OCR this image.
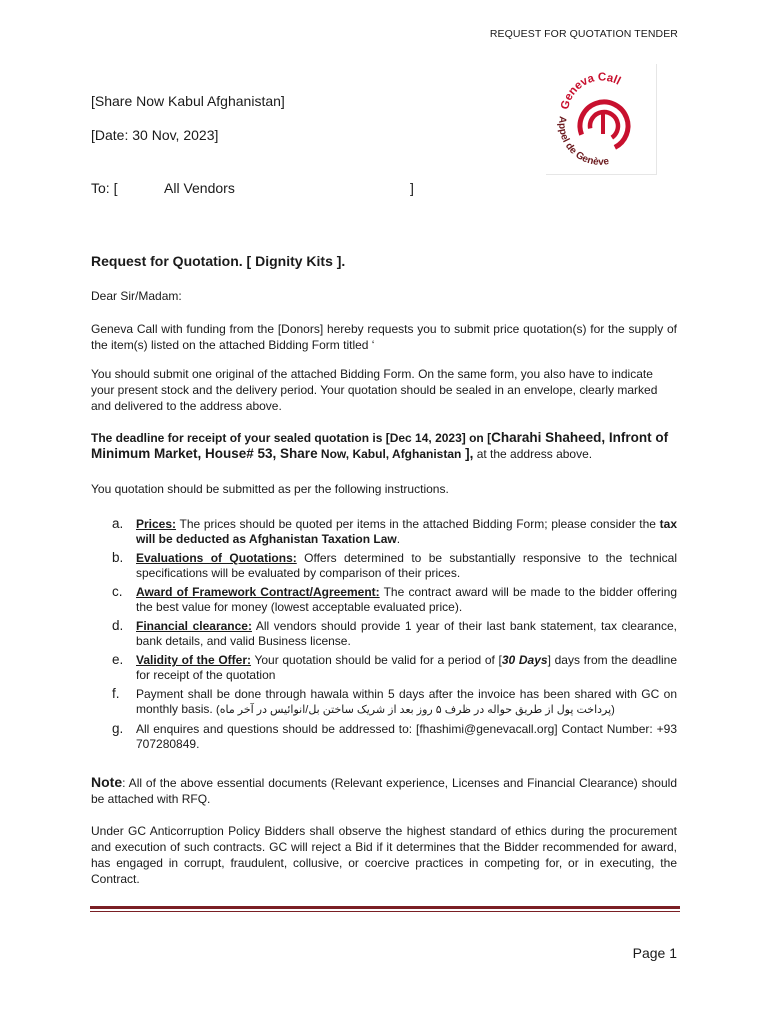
REQUEST FOR QUOTATION TENDER
Geneva Call
Appel de Genève
[Share Now Kabul Afghanistan]
[Date: 30 Nov, 2023]
To: [	All Vendors	]
Request for Quotation. [ Dignity Kits ].
Dear Sir/Madam:
Geneva Call with funding from the [Donors] hereby requests you to submit price quotation(s) for the supply of the item(s) listed on the attached Bidding Form titled ‘
You should submit one original of the attached Bidding Form. On the same form, you also have to indicate your present stock and the delivery period. Your quotation should be sealed in an envelope, clearly marked and delivered to the address above.
The deadline for receipt of your sealed quotation is [Dec 14, 2023] on [Charahi Shaheed, Infront of Minimum Market, House# 53, Share Now, Kabul, Afghanistan ], at the address above.
You quotation should be submitted as per the following instructions.
a. Prices: The prices should be quoted per items in the attached Bidding Form; please consider the tax will be deducted as Afghanistan Taxation Law.
b. Evaluations of Quotations: Offers determined to be substantially responsive to the technical specifications will be evaluated by comparison of their prices.
c. Award of Framework Contract/Agreement: The contract award will be made to the bidder offering the best value for money (lowest acceptable evaluated price).
d. Financial clearance: All vendors should provide 1 year of their last bank statement, tax clearance, bank details, and valid Business license.
e. Validity of the Offer: Your quotation should be valid for a period of [30 Days] days from the deadline for receipt of the quotation
f. Payment shall be done through hawala within 5 days after the invoice has been shared with GC on monthly basis. (پرداخت پول از طریق حواله در ظرف ۵ روز بعد از شریک ساختن بل/انوائیس در آخر ماه)
g. All enquires and questions should be addressed to: [fhashimi@genevacall.org] Contact Number: +93 707280849.
Note: All of the above essential documents (Relevant experience, Licenses and Financial Clearance) should be attached with RFQ.
Under GC Anticorruption Policy Bidders shall observe the highest standard of ethics during the procurement and execution of such contracts. GC will reject a Bid if it determines that the Bidder recommended for award, has engaged in corrupt, fraudulent, collusive, or coercive practices in competing for, or in executing, the Contract.
Page 1
